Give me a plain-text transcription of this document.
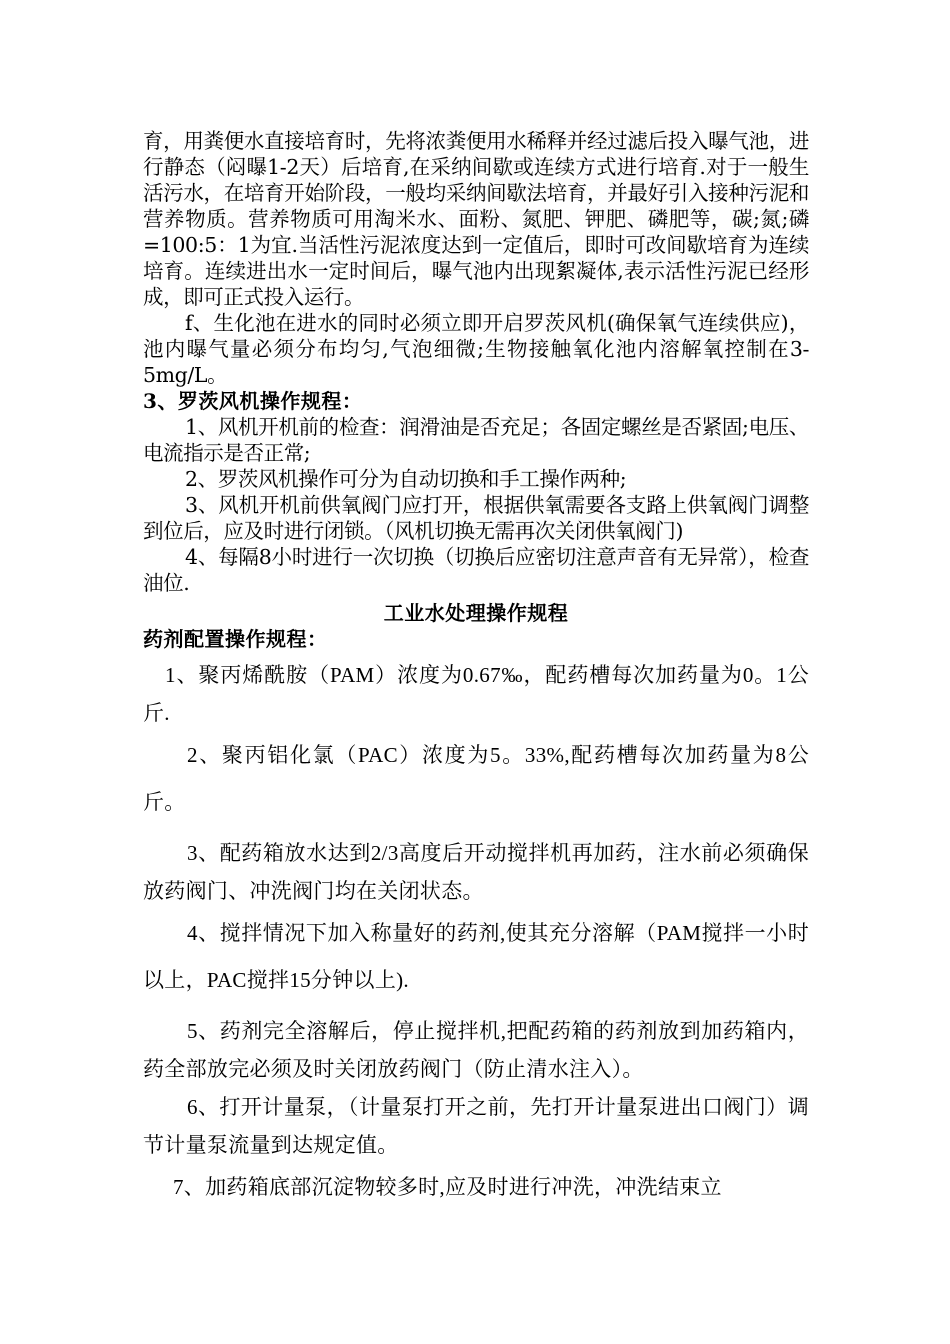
育，用粪便水直接培育时，先将浓粪便用水稀释并经过滤后投入曝气池，进行静态（闷曝1-2天）后培育,在采纳间歇或连续方式进行培育.对于一般生活污水，在培育开始阶段，一般均采纳间歇法培育，并最好引入接种污泥和营养物质。营养物质可用淘米水、面粉、氮肥、钾肥、磷肥等，碳;氮;磷=100:5：1为宜.当活性污泥浓度达到一定值后，即时可改间歇培育为连续培育。连续进出水一定时间后，曝气池内出现絮凝体,表示活性污泥已经形成，即可正式投入运行。

f、生化池在进水的同时必须立即开启罗茨风机(确保氧气连续供应)，池内曝气量必须分布均匀,气泡细微;生物接触氧化池内溶解氧控制在3-5mg/L。

3、罗茨风机操作规程：

1、风机开机前的检查：润滑油是否充足；各固定螺丝是否紧固;电压、电流指示是否正常;

2、罗茨风机操作可分为自动切换和手工操作两种;

3、风机开机前供氧阀门应打开，根据供氧需要各支路上供氧阀门调整到位后，应及时进行闭锁。（风机切换无需再次关闭供氧阀门)

4、每隔8小时进行一次切换（切换后应密切注意声音有无异常），检查油位.

工业水处理操作规程
药剂配置操作规程：

1、聚丙烯酰胺（PAM）浓度为0.67‰，配药槽每次加药量为0。1公斤.

2、聚丙铝化氯（PAC）浓度为5。33%,配药槽每次加药量为8公斤。

3、配药箱放水达到2/3高度后开动搅拌机再加药，注水前必须确保放药阀门、冲洗阀门均在关闭状态。

4、搅拌情况下加入称量好的药剂,使其充分溶解（PAM搅拌一小时以上，PAC搅拌15分钟以上).

5、药剂完全溶解后，停止搅拌机,把配药箱的药剂放到加药箱内，药全部放完必须及时关闭放药阀门（防止清水注入）。

6、打开计量泵，（计量泵打开之前，先打开计量泵进出口阀门）调节计量泵流量到达规定值。

7、加药箱底部沉淀物较多时,应及时进行冲洗，冲洗结束立
